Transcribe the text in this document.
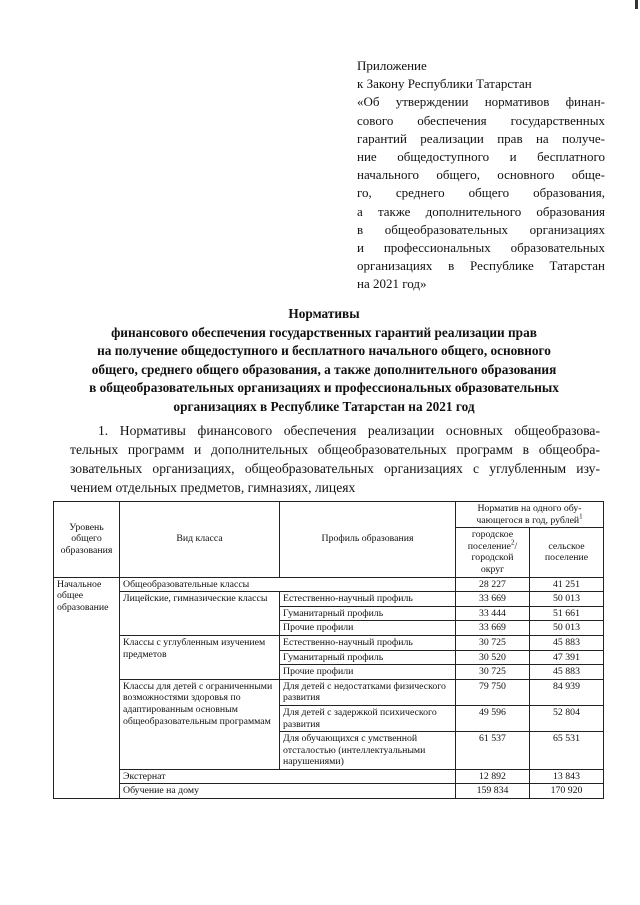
Приложение
к Закону Республики Татарстан
«Об утверждении нормативов финан-
сового обеспечения государственных
гарантий реализации прав на получе-
ние общедоступного и бесплатного
начального общего, основного обще-
го, среднего общего образования,
а также дополнительного образования
в общеобразовательных организациях
и профессиональных образовательных
организациях в Республике Татарстан
на 2021 год»
Нормативы
финансового обеспечения государственных гарантий реализации прав
на получение общедоступного и бесплатного начального общего, основного
общего, среднего общего образования, а также дополнительного образования
в общеобразовательных организациях и профессиональных образовательных
организациях в Республике Татарстан на 2021 год
1. Нормативы финансового обеспечения реализации основных общеобразова-
тельных программ и дополнительных общеобразовательных программ в общеобра-
зовательных организациях, общеобразовательных организациях с углубленным изу-
чением отдельных предметов, гимназиях, лицеях
Уровень общего образования	Вид класса	Профиль образования	Норматив на одного обу-чающегося в год, рублей$^1$
			городское поселение$^2$/ городской округ	сельское поселение
Начальное общее образование	Общеобразовательные классы		28 227	41 251
	Лицейские, гимназические классы	Естественно-научный профиль	33 669	50 013
		Гуманитарный профиль	33 444	51 661
		Прочие профили	33 669	50 013
	Классы с углубленным изучением предметов	Естественно-научный профиль	30 725	45 883
		Гуманитарный профиль	30 520	47 391
		Прочие профили	30 725	45 883
	Классы для детей с ограниченными возможностями здоровья по адаптированным основным общеобразовательным программам	Для детей с недостатками физического развития	79 750	84 939
		Для детей с задержкой психического развития	49 596	52 804
		Для обучающихся с умственной отсталостью (интеллектуальными нарушениями)	61 537	65 531
	Экстернат		12 892	13 843
	Обучение на дому		159 834	170 920
